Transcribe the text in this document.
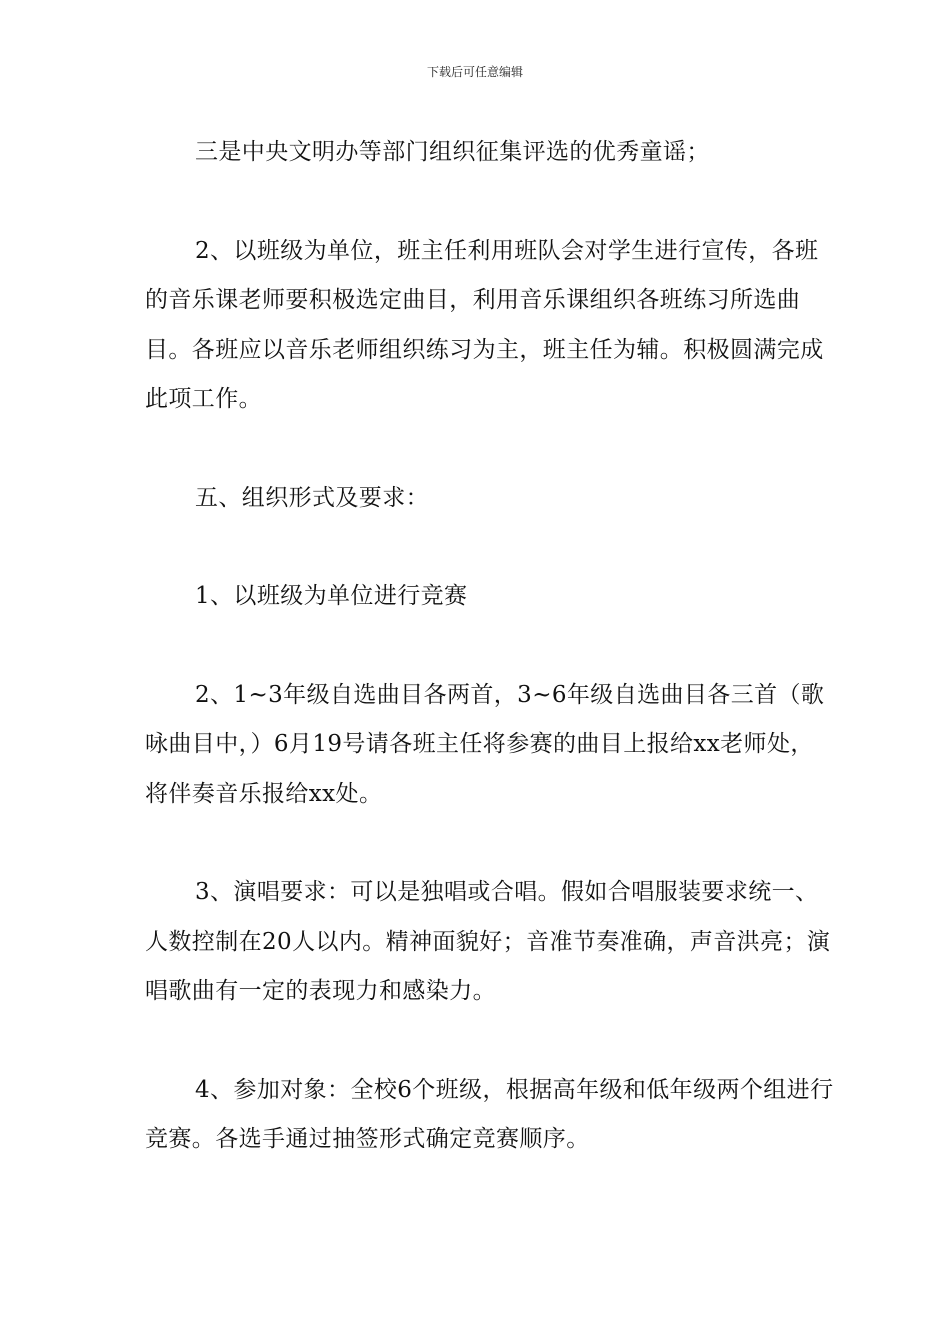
下载后可任意编辑

三是中央文明办等部门组织征集评选的优秀童谣；

2、以班级为单位，班主任利用班队会对学生进行宣传，各班的音乐课老师要积极选定曲目，利用音乐课组织各班练习所选曲目。各班应以音乐老师组织练习为主，班主任为辅。积极圆满完成此项工作。

五、组织形式及要求：

1、以班级为单位进行竞赛

2、1~3年级自选曲目各两首，3~6年级自选曲目各三首（歌咏曲目中，）6月19号请各班主任将参赛的曲目上报给xx老师处，将伴奏音乐报给xx处。

3、演唱要求：可以是独唱或合唱。假如合唱服装要求统一、人数控制在20人以内。精神面貌好；音准节奏准确，声音洪亮；演唱歌曲有一定的表现力和感染力。

4、参加对象：全校6个班级，根据高年级和低年级两个组进行竞赛。各选手通过抽签形式确定竞赛顺序。
